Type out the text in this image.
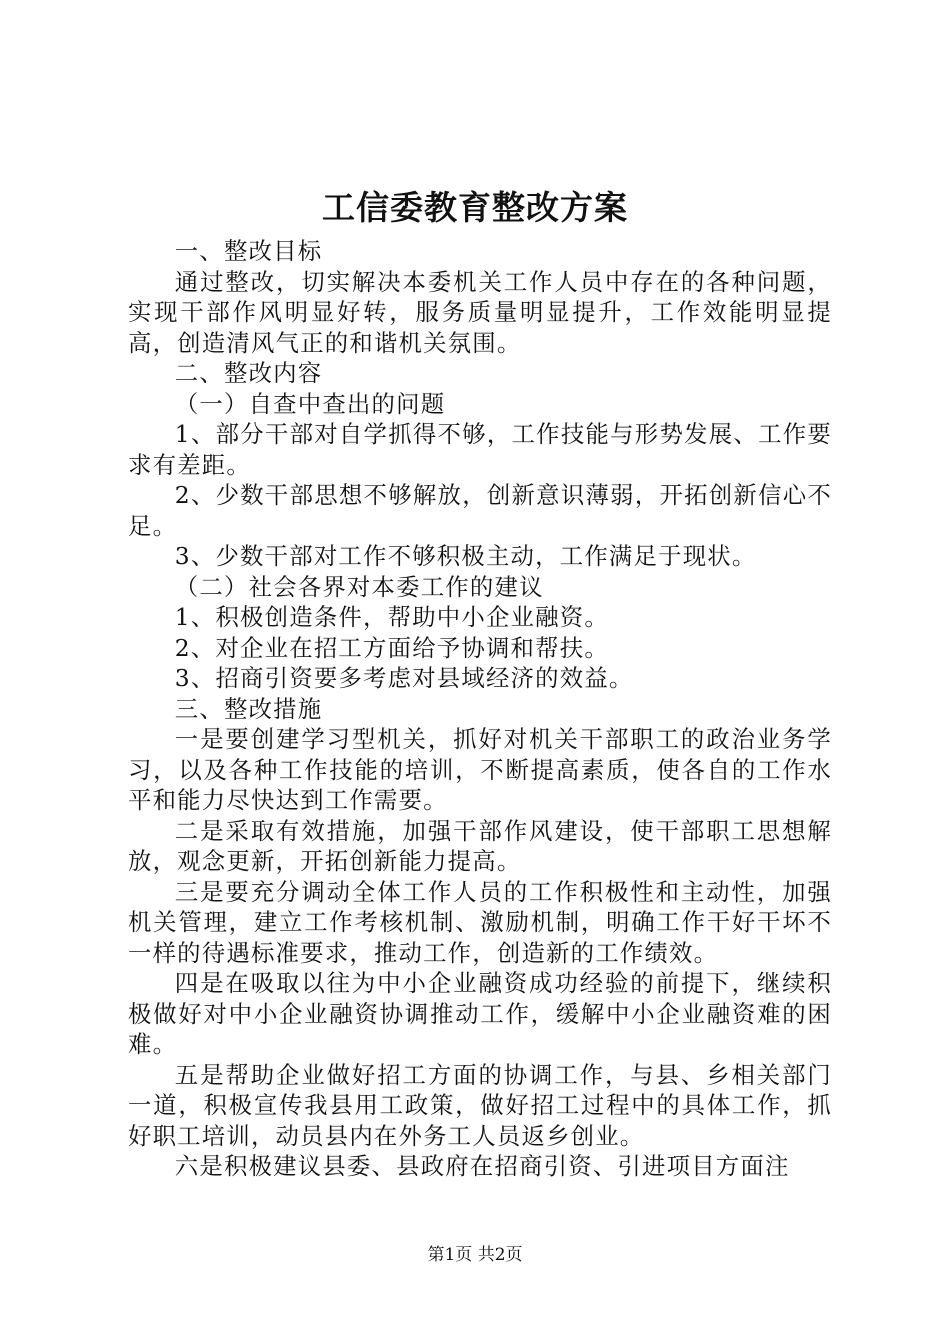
工信委教育整改方案

一、整改目标

通过整改，切实解决本委机关工作人员中存在的各种问题，实现干部作风明显好转，服务质量明显提升，工作效能明显提高，创造清风气正的和谐机关氛围。

二、整改内容

（一）自查中查出的问题

1、部分干部对自学抓得不够，工作技能与形势发展、工作要求有差距。

2、少数干部思想不够解放，创新意识薄弱，开拓创新信心不足。

3、少数干部对工作不够积极主动，工作满足于现状。

（二）社会各界对本委工作的建议

1、积极创造条件，帮助中小企业融资。

2、对企业在招工方面给予协调和帮扶。

3、招商引资要多考虑对县域经济的效益。

三、整改措施

一是要创建学习型机关，抓好对机关干部职工的政治业务学习，以及各种工作技能的培训，不断提高素质，使各自的工作水平和能力尽快达到工作需要。

二是采取有效措施，加强干部作风建设，使干部职工思想解放，观念更新，开拓创新能力提高。

三是要充分调动全体工作人员的工作积极性和主动性，加强机关管理，建立工作考核机制、激励机制，明确工作干好干坏不一样的待遇标准要求，推动工作，创造新的工作绩效。

四是在吸取以往为中小企业融资成功经验的前提下，继续积极做好对中小企业融资协调推动工作，缓解中小企业融资难的困难。

五是帮助企业做好招工方面的协调工作，与县、乡相关部门一道，积极宣传我县用工政策，做好招工过程中的具体工作，抓好职工培训，动员县内在外务工人员返乡创业。

六是积极建议县委、县政府在招商引资、引进项目方面注

第1页 共2页
